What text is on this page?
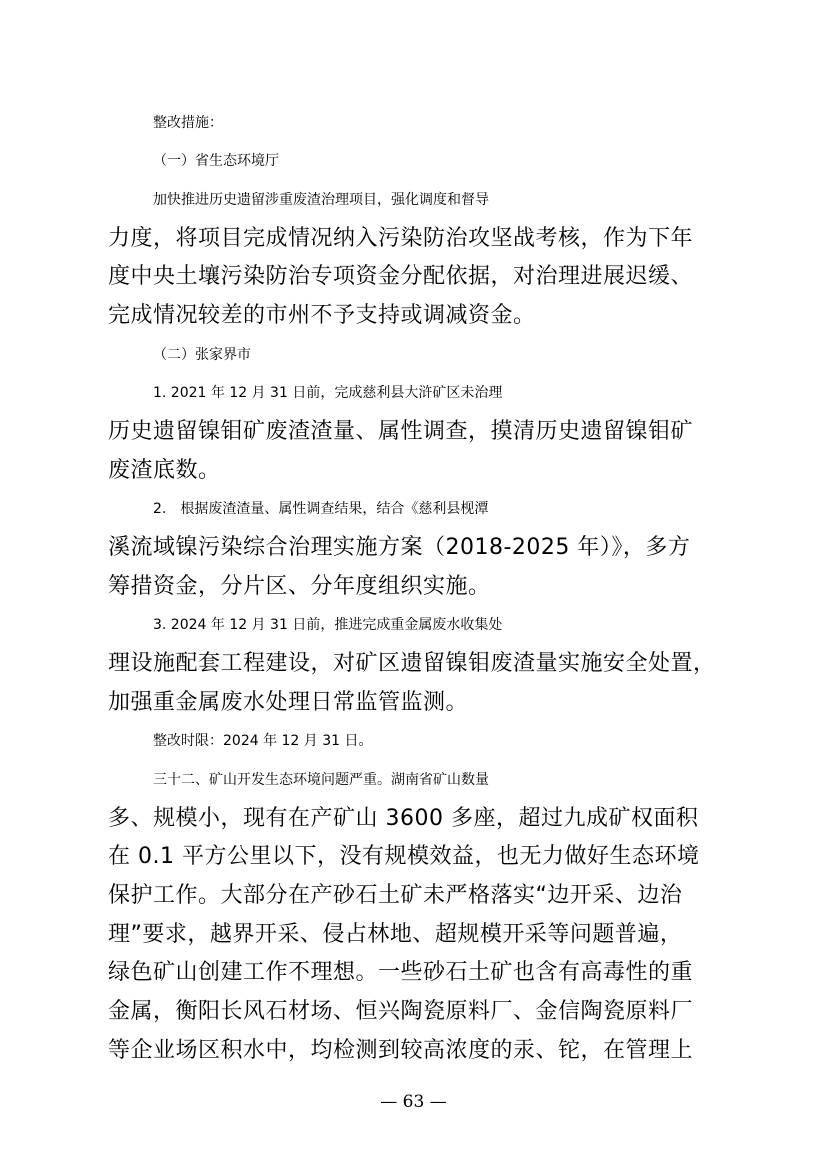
整改措施：
（一）省生态环境厅
加快推进历史遗留涉重废渣治理项目，强化调度和督导
力度，将项目完成情况纳入污染防治攻坚战考核，作为下年
度中央土壤污染防治专项资金分配依据，对治理进展迟缓、
完成情况较差的市州不予支持或调减资金。
（二）张家界市
1. 2021 年 12 月 31 日前，完成慈利县大浒矿区未治理
历史遗留镍钼矿废渣渣量、属性调查，摸清历史遗留镍钼矿
废渣底数。
2.　根据废渣渣量、属性调查结果，结合《慈利县枧潭
溪流域镍污染综合治理实施方案（2018-2025 年）》，多方
筹措资金，分片区、分年度组织实施。
3. 2024 年 12 月 31 日前，推进完成重金属废水收集处
理设施配套工程建设，对矿区遗留镍钼废渣量实施安全处置，
加强重金属废水处理日常监管监测。
整改时限：2024 年 12 月 31 日。
三十二、矿山开发生态环境问题严重。湖南省矿山数量
多、规模小，现有在产矿山 3600 多座，超过九成矿权面积
在 0.1 平方公里以下，没有规模效益，也无力做好生态环境
保护工作。大部分在产砂石土矿未严格落实“边开采、边治
理”要求，越界开采、侵占林地、超规模开采等问题普遍，
绿色矿山创建工作不理想。一些砂石土矿也含有高毒性的重
金属，衡阳长风石材场、恒兴陶瓷原料厂、金信陶瓷原料厂
等企业场区积水中，均检测到较高浓度的汞、铊，在管理上
— 63 —
